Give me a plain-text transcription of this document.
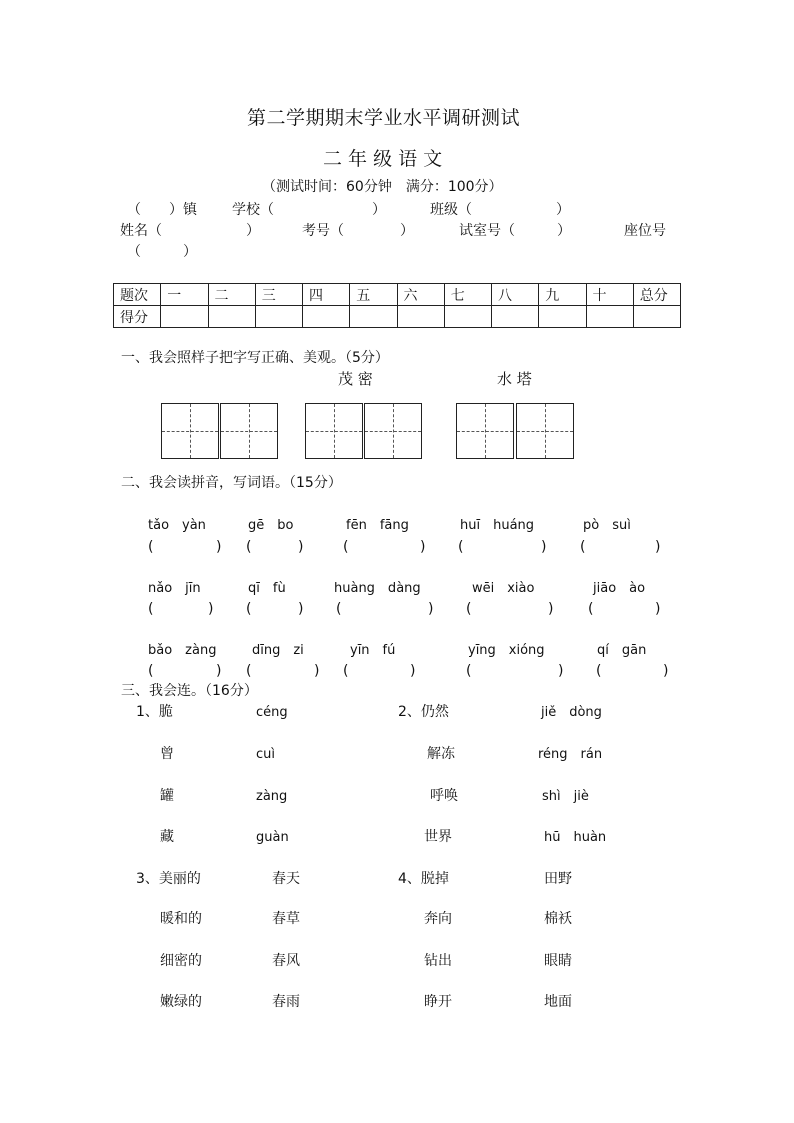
第二学期期末学业水平调研测试
二 年 级 语 文
（测试时间：60分钟　满分：100分）
（　　）镇	学校（　　　　　　　）	班级（　　　　　　）
姓名（　　　　　　）	考号（　　　　）	试室号（　　　）	座位号
（　　　）
题次	一	二	三	四	五	六	七	八	九	十	总分
得分											
一、我会照样子把字写正确、美观。（5分）
茂 密	水 塔
二、我会读拼音，写词语。（15分）
tǎo　yàn	gē　bo	fēn　fāng	huī　huáng	pò　suì
(	) (	)	(	) (	) (	)
nǎo　jīn	qī　fù	huàng　dàng	wēi　xiào	jiāo　ào
(	) (	) (	) (	) (	)
bǎo　zàng	dīng　zi	yīn　fú	yīng　xióng	qí　gān
(	) (	) (	)	(	) (	)
三、我会连。（16分）
1、脆	céng
曾	cuì
罐	zàng
藏	guàn
2、仍然	jiě　dòng
解冻	réng　rán
呼唤	shì　jiè
世界	hū　huàn
3、美丽的	春天
暖和的	春草
细密的	春风
嫩绿的	春雨
4、脱掉	田野
奔向	棉袄
钻出	眼睛
睁开	地面
